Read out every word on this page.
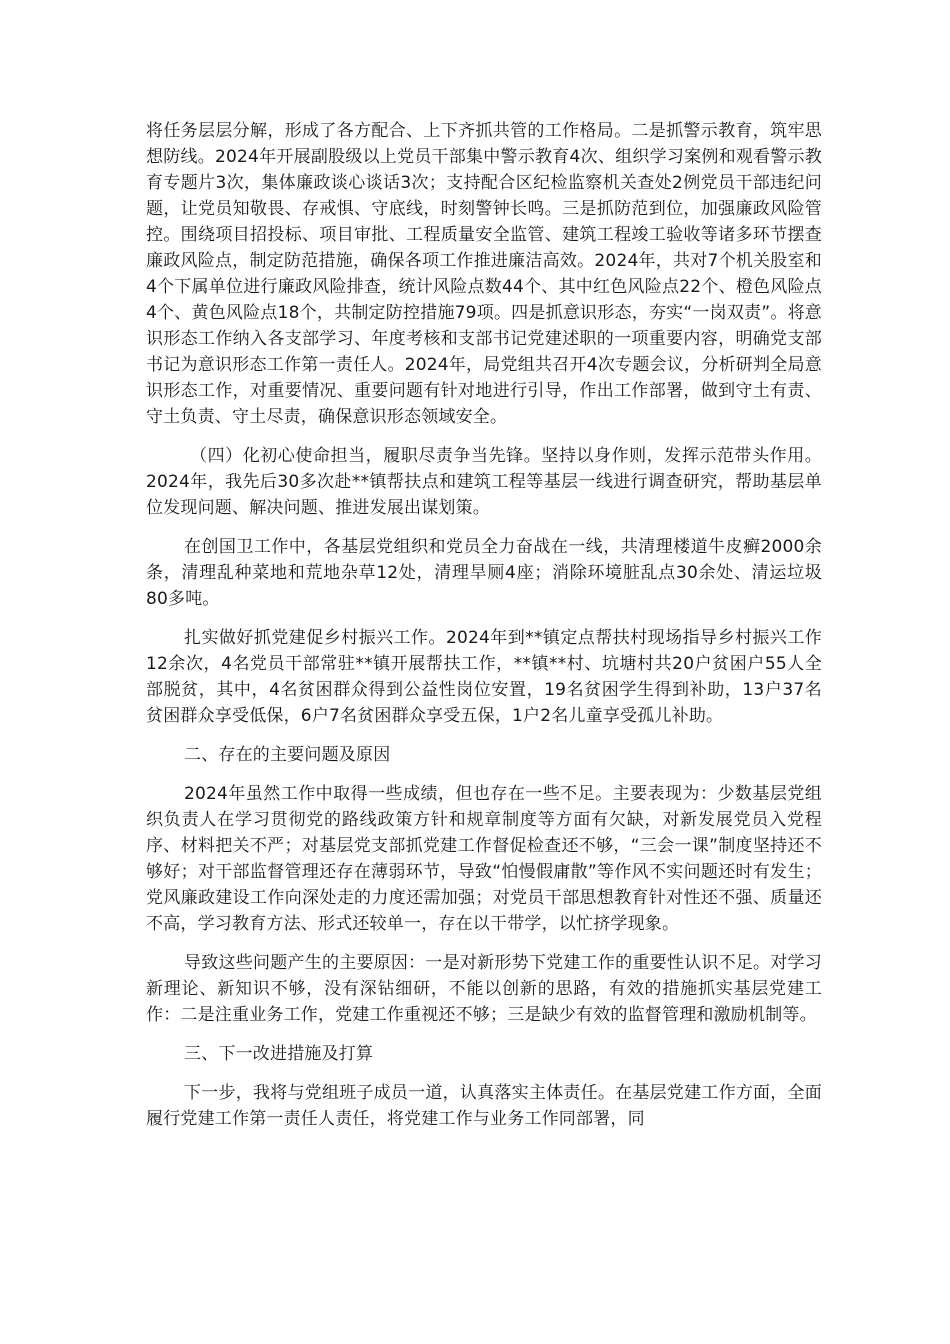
将任务层层分解，形成了各方配合、上下齐抓共管的工作格局。二是抓警示教育，筑牢思想防线。2024年开展副股级以上党员干部集中警示教育4次、组织学习案例和观看警示教育专题片3次，集体廉政谈心谈话3次；支持配合区纪检监察机关查处2例党员干部违纪问题，让党员知敬畏、存戒惧、守底线，时刻警钟长鸣。三是抓防范到位，加强廉政风险管控。围绕项目招投标、项目审批、工程质量安全监管、建筑工程竣工验收等诸多环节摆查廉政风险点，制定防范措施，确保各项工作推进廉洁高效。2024年，共对7个机关股室和4个下属单位进行廉政风险排查，统计风险点数44个、其中红色风险点22个、橙色风险点4个、黄色风险点18个，共制定防控措施79项。四是抓意识形态，夯实“一岗双责”。将意识形态工作纳入各支部学习、年度考核和支部书记党建述职的一项重要内容，明确党支部书记为意识形态工作第一责任人。2024年，局党组共召开4次专题会议，分析研判全局意识形态工作，对重要情况、重要问题有针对地进行引导，作出工作部署，做到守土有责、守土负责、守土尽责，确保意识形态领域安全。

（四）化初心使命担当，履职尽责争当先锋。坚持以身作则，发挥示范带头作用。2024年，我先后30多次赴**镇帮扶点和建筑工程等基层一线进行调查研究，帮助基层单位发现问题、解决问题、推进发展出谋划策。

在创国卫工作中，各基层党组织和党员全力奋战在一线，共清理楼道牛皮癣2000余条，清理乱种菜地和荒地杂草12处，清理旱厕4座；消除环境脏乱点30余处、清运垃圾80多吨。

扎实做好抓党建促乡村振兴工作。2024年到**镇定点帮扶村现场指导乡村振兴工作12余次，4名党员干部常驻**镇开展帮扶工作，**镇**村、坑塘村共20户贫困户55人全部脱贫，其中，4名贫困群众得到公益性岗位安置，19名贫困学生得到补助，13户37名贫困群众享受低保，6户7名贫困群众享受五保，1户2名儿童享受孤儿补助。

二、存在的主要问题及原因

2024年虽然工作中取得一些成绩，但也存在一些不足。主要表现为：少数基层党组织负责人在学习贯彻党的路线政策方针和规章制度等方面有欠缺，对新发展党员入党程序、材料把关不严；对基层党支部抓党建工作督促检查还不够，“三会一课”制度坚持还不够好；对干部监督管理还存在薄弱环节，导致“怕慢假庸散”等作风不实问题还时有发生；党风廉政建设工作向深处走的力度还需加强；对党员干部思想教育针对性还不强、质量还不高，学习教育方法、形式还较单一，存在以干带学，以忙挤学现象。

导致这些问题产生的主要原因：一是对新形势下党建工作的重要性认识不足。对学习新理论、新知识不够，没有深钻细研，不能以创新的思路，有效的措施抓实基层党建工作：二是注重业务工作，党建工作重视还不够；三是缺少有效的监督管理和激励机制等。

三、下一改进措施及打算

下一步，我将与党组班子成员一道，认真落实主体责任。在基层党建工作方面，全面履行党建工作第一责任人责任，将党建工作与业务工作同部署，同
